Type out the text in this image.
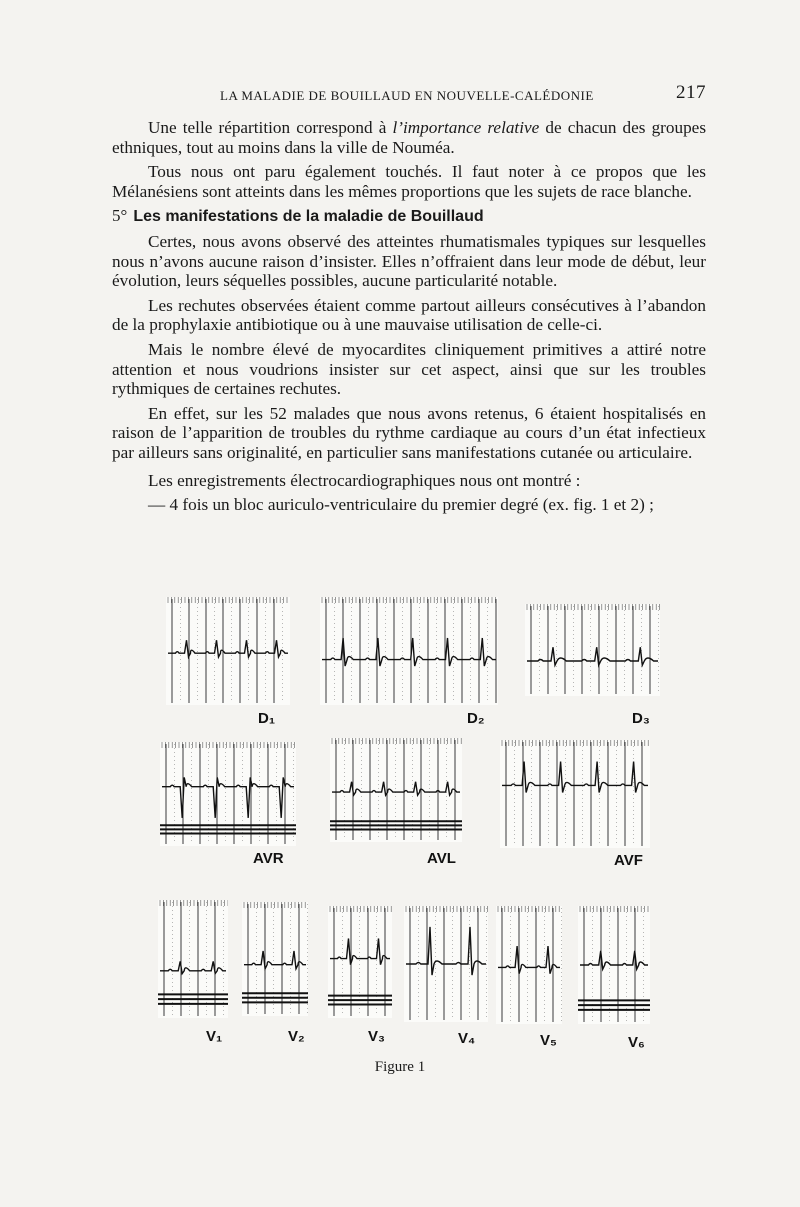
LA MALADIE DE BOUILLAUD EN NOUVELLE-CALÉDONIE	217

Une telle répartition correspond à l’importance relative de chacun des groupes ethniques, tout au moins dans la ville de Nouméa.

Tous nous ont paru également touchés. Il faut noter à ce propos que les Mélanésiens sont atteints dans les mêmes proportions que les sujets de race blanche.

5° Les manifestations de la maladie de Bouillaud

Certes, nous avons observé des atteintes rhumatismales typiques sur lesquelles nous n’avons aucune raison d’insister. Elles n’offraient dans leur mode de début, leur évolution, leurs séquelles possibles, aucune particularité notable.

Les rechutes observées étaient comme partout ailleurs consécutives à l’abandon de la prophylaxie antibiotique ou à une mauvaise utilisation de celle-ci.

Mais le nombre élevé de myocardites cliniquement primitives a attiré notre attention et nous voudrions insister sur cet aspect, ainsi que sur les troubles rythmiques de certaines rechutes.

En effet, sur les 52 malades que nous avons retenus, 6 étaient hospitalisés en raison de l’apparition de troubles du rythme cardiaque au cours d’un état infectieux par ailleurs sans originalité, en particulier sans manifestations cutanée ou articulaire.

Les enregistrements électrocardiographiques nous ont montré :

— 4 fois un bloc auriculo-ventriculaire du premier degré (ex. fig. 1 et 2) ;

D₁	D₂	D₃
AVR	AVL	AVF
V₁	V₂	V₃	V₄	V₅	V₆
Figure 1
